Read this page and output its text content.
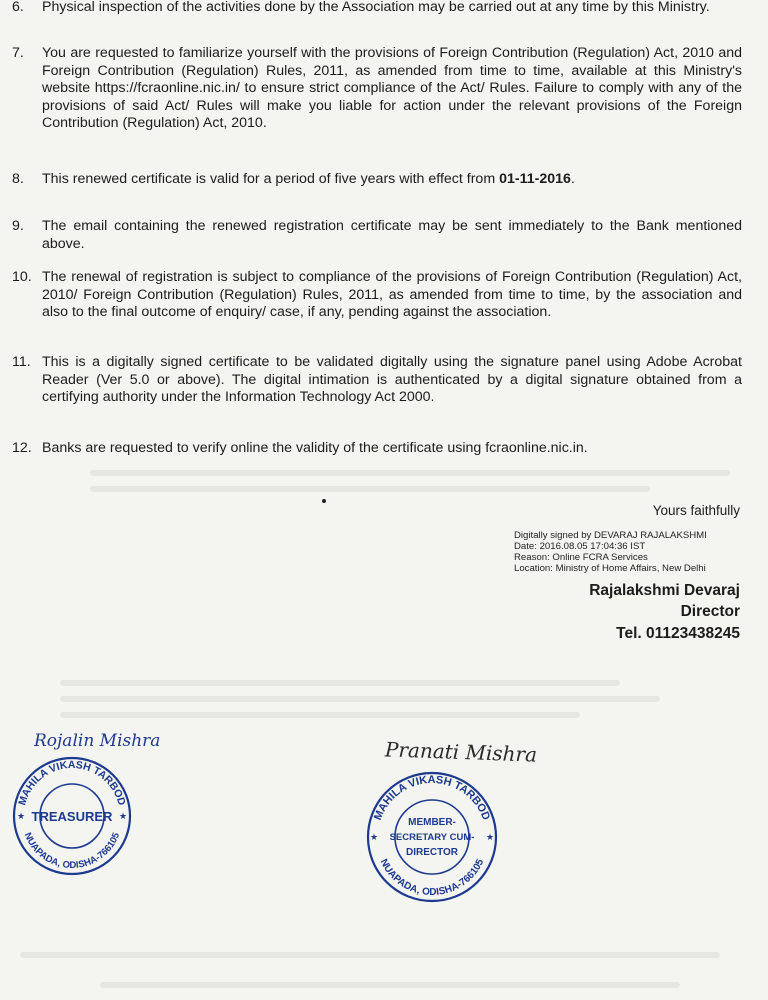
6.	Physical inspection of the activities done by the Association may be carried out at any time by this Ministry.
7.	You are requested to familiarize yourself with the provisions of Foreign Contribution (Regulation) Act, 2010 and Foreign Contribution (Regulation) Rules, 2011, as amended from time to time, available at this Ministry's website https://fcraonline.nic.in/ to ensure strict compliance of the Act/ Rules. Failure to comply with any of the provisions of said Act/ Rules will make you liable for action under the relevant provisions of the Foreign Contribution (Regulation) Act, 2010.
8.	This renewed certificate is valid for a period of five years with effect from 01-11-2016.
9.	The email containing the renewed registration certificate may be sent immediately to the Bank mentioned above.
10. The renewal of registration is subject to compliance of the provisions of Foreign Contribution (Regulation) Act, 2010/ Foreign Contribution (Regulation) Rules, 2011, as amended from time to time, by the association and also to the final outcome of enquiry/ case, if any, pending against the association.
11. This is a digitally signed certificate to be validated digitally using the signature panel using Adobe Acrobat Reader (Ver 5.0 or above). The digital intimation is authenticated by a digital signature obtained from a certifying authority under the Information Technology Act 2000.
12. Banks are requested to verify online the validity of the certificate using fcraonline.nic.in.
Yours faithfully
Digitally signed by DEVARAJ RAJALAKSHMI
Date: 2016.08.05 17:04:36 IST
Reason: Online FCRA Services
Location: Ministry of Home Affairs, New Delhi
Rajalakshmi Devaraj
Director
Tel. 01123438245
Rojalin Mishra	Pranati Mishra
MAHILA VIKASH TARBOD
NUAPADA, ODISHA-766105
TREASURER
★	★	MAHILA VIKASH TARBOD
NUAPADA, ODISHA-766105
MEMBER-
SECRETARY CUM-
DIRECTOR
★	★
